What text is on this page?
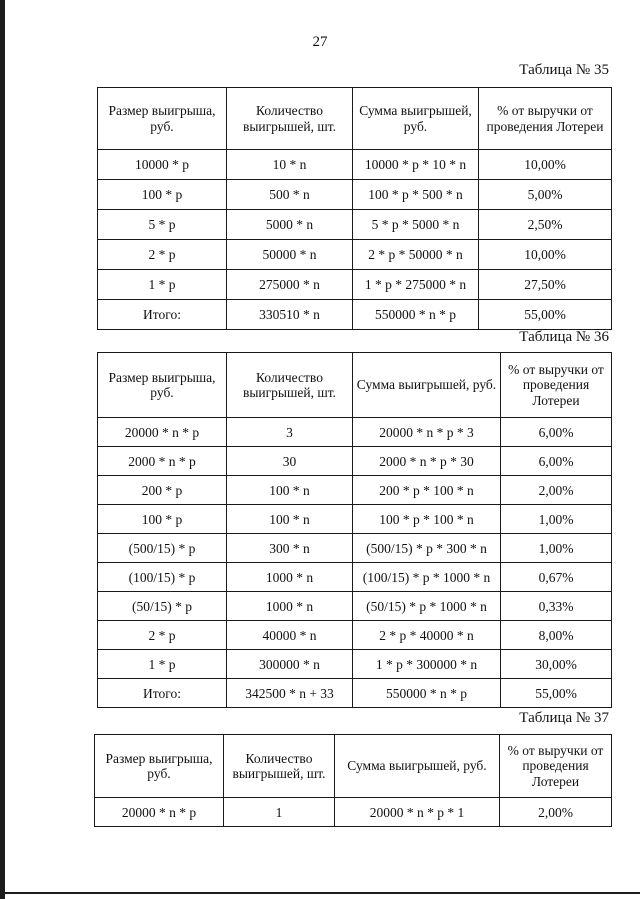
27
Таблица № 35
Размер выигрыша, руб.	Количество выигрышей, шт.	Сумма выигрышей, руб.	% от выручки от проведения Лотереи
10000 * p	10 * n	10000 * p * 10 * n	10,00%
100 * p	500 * n	100 * p * 500 * n	5,00%
5 * p	5000 * n	5 * p * 5000 * n	2,50%
2 * p	50000 * n	2 * p * 50000 * n	10,00%
1 * p	275000 * n	1 * p * 275000 * n	27,50%
Итого:	330510 * n	550000 * n * p	55,00%
Таблица № 36
Размер выигрыша, руб.	Количество выигрышей, шт.	Сумма выигрышей, руб.	% от выручки от проведения Лотереи
20000 * n * p	3	20000 * n * p * 3	6,00%
2000 * n * p	30	2000 * n * p * 30	6,00%
200 * p	100 * n	200 * p * 100 * n	2,00%
100 * p	100 * n	100 * p * 100 * n	1,00%
(500/15) * p	300 * n	(500/15) * p * 300 * n	1,00%
(100/15) * p	1000 * n	(100/15) * p * 1000 * n	0,67%
(50/15) * p	1000 * n	(50/15) * p * 1000 * n	0,33%
2 * p	40000 * n	2 * p * 40000 * n	8,00%
1 * p	300000 * n	1 * p * 300000 * n	30,00%
Итого:	342500 * n + 33	550000 * n * p	55,00%
Таблица № 37
Размер выигрыша, руб.	Количество выигрышей, шт.	Сумма выигрышей, руб.	% от выручки от проведения Лотереи
20000 * n * p	1	20000 * n * p * 1	2,00%
